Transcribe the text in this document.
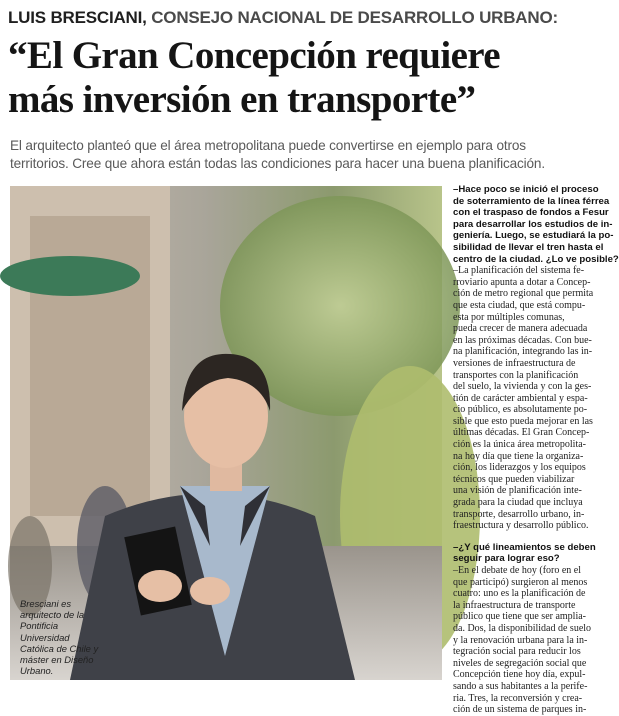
LUIS BRESCIANI, CONSEJO NACIONAL DE DESARROLLO URBANO:
“El Gran Concepción requiere
más inversión en transporte”

El arquitecto planteó que el área metropolitana puede convertirse en ejemplo para otros
territorios. Cree que ahora están todas las condiciones para hacer una buena planificación.

Bresciani es
arquitecto de la
Pontificia
Universidad
Católica de Chile y
máster en Diseño
Urbano.
–Hace poco se inició el proceso
de soterramiento de la línea férrea
con el traspaso de fondos a Fesur
para desarrollar los estudios de in-
geniería. Luego, se estudiará la po-
sibilidad de llevar el tren hasta el
centro de la ciudad. ¿Lo ve posible?
–La planificación del sistema fe-
rroviario apunta a dotar a Concep-
ción de metro regional que permita
que esta ciudad, que está compu-
esta por múltiples comunas,
pueda crecer de manera adecuada
en las próximas décadas. Con bue-
na planificación, integrando las in-
versiones de infraestructura de
transportes con la planificación
del suelo, la vivienda y con la ges-
tión de carácter ambiental y espa-
cio público, es absolutamente po-
sible que esto pueda mejorar en las
últimas décadas. El Gran Concep-
ción es la única área metropolita-
na hoy día que tiene la organiza-
ción, los liderazgos y los equipos
técnicos que pueden viabilizar
una visión de planificación inte-
grada para la ciudad que incluya
transporte, desarrollo urbano, in-
fraestructura y desarrollo público.
–¿Y qué lineamientos se deben
seguir para lograr eso?
–En el debate de hoy (foro en el
que participó) surgieron al menos
cuatro: uno es la planificación de
la infraestructura de transporte
público que tiene que ser amplia-
da. Dos, la disponibilidad de suelo
y la renovación urbana para la in-
tegración social para reducir los
niveles de segregación social que
Concepción tiene hoy día, expul-
sando a sus habitantes a la perife-
ria. Tres, la reconversión y crea-
ción de un sistema de parques in-
